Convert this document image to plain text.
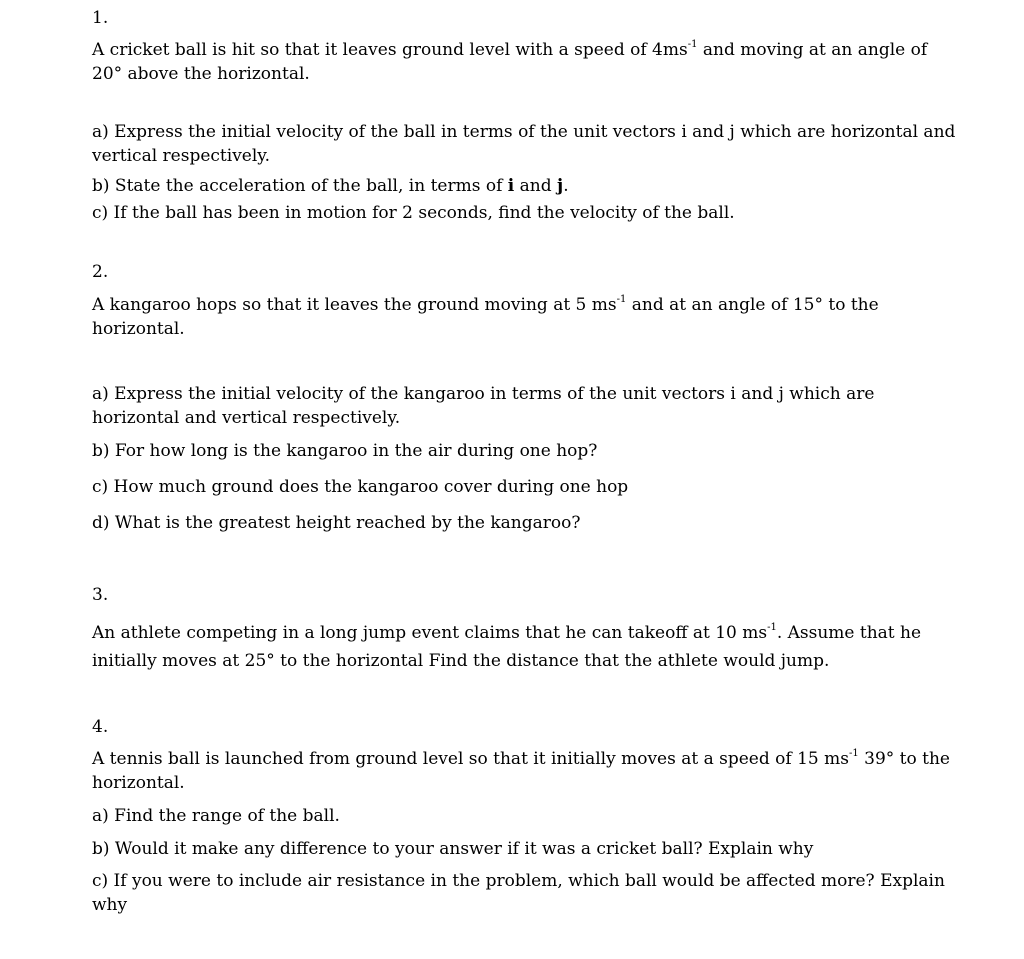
1.

A cricket ball is hit so that it leaves ground level with a speed of $4ms^{-1}$ and moving at an angle of 20° above the horizontal.

a) Express the initial velocity of the ball in terms of the unit vectors i and j which are horizontal and vertical respectively.

b) State the acceleration of the ball, in terms of i and j.

c) If the ball has been in motion for 2 seconds, find the velocity of the ball.

2.

A kangaroo hops so that it leaves the ground moving at 5 $ms^{-1}$ and at an angle of 15° to the horizontal.

a) Express the initial velocity of the kangaroo in terms of the unit vectors i and j which are horizontal and vertical respectively.

b) For how long is the kangaroo in the air during one hop?

c) How much ground does the kangaroo cover during one hop

d) What is the greatest height reached by the kangaroo?

3.

An athlete competing in a long jump event claims that he can takeoff at 10 $ms^{-1}$. Assume that he initially moves at 25° to the horizontal Find the distance that the athlete would jump.

4.

A tennis ball is launched from ground level so that it initially moves at a speed of 15 $ms^{-1}$ 39° to the horizontal.

a) Find the range of the ball.

b) Would it make any difference to your answer if it was a cricket ball? Explain why

c) If you were to include air resistance in the problem, which ball would be affected more? Explain why
